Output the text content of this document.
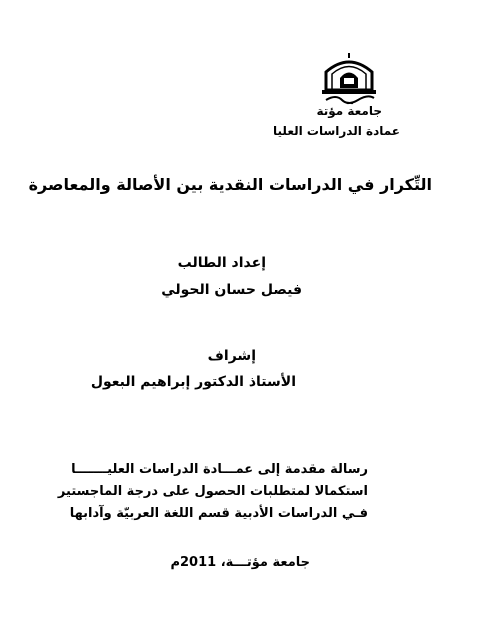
جامعة مؤتة
عمادة الدراسات العليا
التِّكرار في الدراسات النقدية بين الأصالة والمعاصرة
إعداد الطالب
فيصل حسان الحولي
إشراف
الأستاذ الدكتور إبراهيم البعول
رسالة مقدمة إلى عمـــادة الدراسات العليـــــــا
استكمالا لمتطلبات الحصول على درجة الماجستير
فـي الدراسات الأدبية قسم اللغة العربيّة وآدابها
جامعة مؤتـــة، 2011م
